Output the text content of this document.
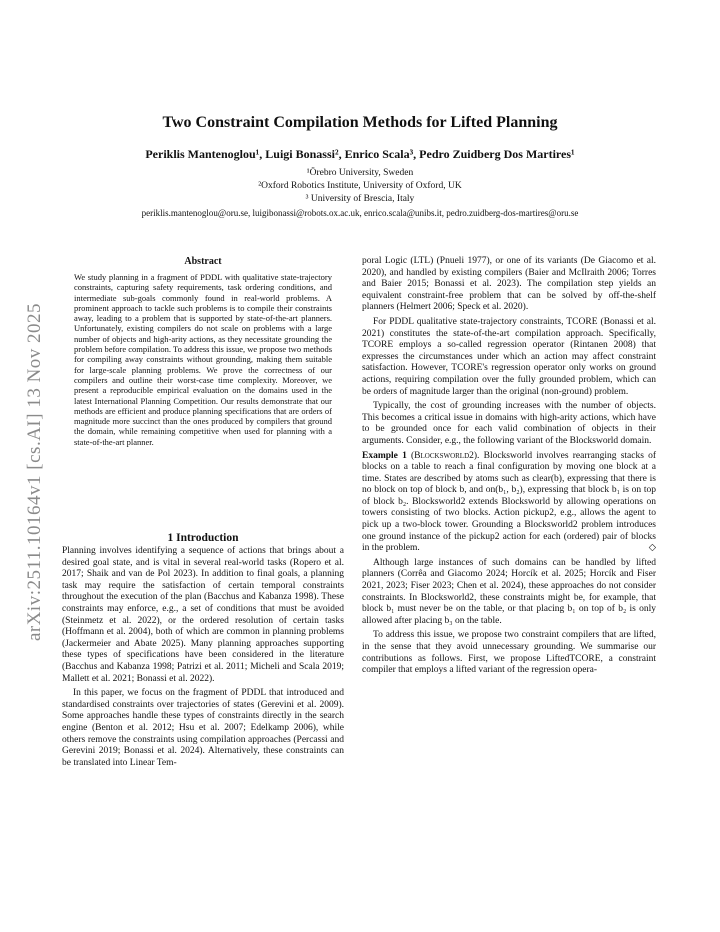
arXiv:2511.10164v1 [cs.AI] 13 Nov 2025
Two Constraint Compilation Methods for Lifted Planning
Periklis Mantenoglou¹, Luigi Bonassi², Enrico Scala³, Pedro Zuidberg Dos Martires¹
¹Örebro University, Sweden
²Oxford Robotics Institute, University of Oxford, UK
³ University of Brescia, Italy
periklis.mantenoglou@oru.se, luigibonassi@robots.ox.ac.uk, enrico.scala@unibs.it, pedro.zuidberg-dos-martires@oru.se
Abstract

We study planning in a fragment of PDDL with qualitative state-trajectory constraints, capturing safety requirements, task ordering conditions, and intermediate sub-goals commonly found in real-world problems. A prominent approach to tackle such problems is to compile their constraints away, leading to a problem that is supported by state-of-the-art planners. Unfortunately, existing compilers do not scale on problems with a large number of objects and high-arity actions, as they necessitate grounding the problem before compilation. To address this issue, we propose two methods for compiling away constraints without grounding, making them suitable for large-scale planning problems. We prove the correctness of our compilers and outline their worst-case time complexity. Moreover, we present a reproducible empirical evaluation on the domains used in the latest International Planning Competition. Our results demonstrate that our methods are efficient and produce planning specifications that are orders of magnitude more succinct than the ones produced by compilers that ground the domain, while remaining competitive when used for planning with a state-of-the-art planner.

1 Introduction

Planning involves identifying a sequence of actions that brings about a desired goal state, and is vital in several real-world tasks (Ropero et al. 2017; Shaik and van de Pol 2023). In addition to final goals, a planning task may require the satisfaction of certain temporal constraints throughout the execution of the plan (Bacchus and Kabanza 1998). These constraints may enforce, e.g., a set of conditions that must be avoided (Steinmetz et al. 2022), or the ordered resolution of certain tasks (Hoffmann et al. 2004), both of which are common in planning problems (Jackermeier and Abate 2025). Many planning approaches supporting these types of specifications have been considered in the literature (Bacchus and Kabanza 1998; Patrizi et al. 2011; Micheli and Scala 2019; Mallett et al. 2021; Bonassi et al. 2022).

In this paper, we focus on the fragment of PDDL that introduced and standardised constraints over trajectories of states (Gerevini et al. 2009). Some approaches handle these types of constraints directly in the search engine (Benton et al. 2012; Hsu et al. 2007; Edelkamp 2006), while others remove the constraints using compilation approaches (Percassi and Gerevini 2019; Bonassi et al. 2024). Alternatively, these constraints can be translated into Linear Tem-

poral Logic (LTL) (Pnueli 1977), or one of its variants (De Giacomo et al. 2020), and handled by existing compilers (Baier and McIlraith 2006; Torres and Baier 2015; Bonassi et al. 2023). The compilation step yields an equivalent constraint-free problem that can be solved by off-the-shelf planners (Helmert 2006; Speck et al. 2020).

For PDDL qualitative state-trajectory constraints, TCORE (Bonassi et al. 2021) constitutes the state-of-the-art compilation approach. Specifically, TCORE employs a so-called regression operator (Rintanen 2008) that expresses the circumstances under which an action may affect constraint satisfaction. However, TCORE's regression operator only works on ground actions, requiring compilation over the fully grounded problem, which can be orders of magnitude larger than the original (non-ground) problem.

Typically, the cost of grounding increases with the number of objects. This becomes a critical issue in domains with high-arity actions, which have to be grounded once for each valid combination of objects in their arguments. Consider, e.g., the following variant of the Blocksworld domain.

Example 1 (Blocksworld2). Blocksworld involves rearranging stacks of blocks on a table to reach a final configuration by moving one block at a time. States are described by atoms such as clear(b), expressing that there is no block on top of block b, and on(b₁, b₂), expressing that block b₁ is on top of block b₂. Blocksworld2 extends Blocksworld by allowing operations on towers consisting of two blocks. Action pickup2, e.g., allows the agent to pick up a two-block tower. Grounding a Blocksworld2 problem introduces one ground instance of the pickup2 action for each (ordered) pair of blocks in the problem.	◇

Although large instances of such domains can be handled by lifted planners (Corrêa and Giacomo 2024; Horcík et al. 2025; Horcík and Fiser 2021, 2023; Fiser 2023; Chen et al. 2024), these approaches do not consider constraints. In Blocksworld2, these constraints might be, for example, that block b₁ must never be on the table, or that placing b₁ on top of b₂ is only allowed after placing b₃ on the table.

To address this issue, we propose two constraint compilers that are lifted, in the sense that they avoid unnecessary grounding. We summarise our contributions as follows. First, we propose LiftedTCORE, a constraint compiler that employs a lifted variant of the regression opera-
